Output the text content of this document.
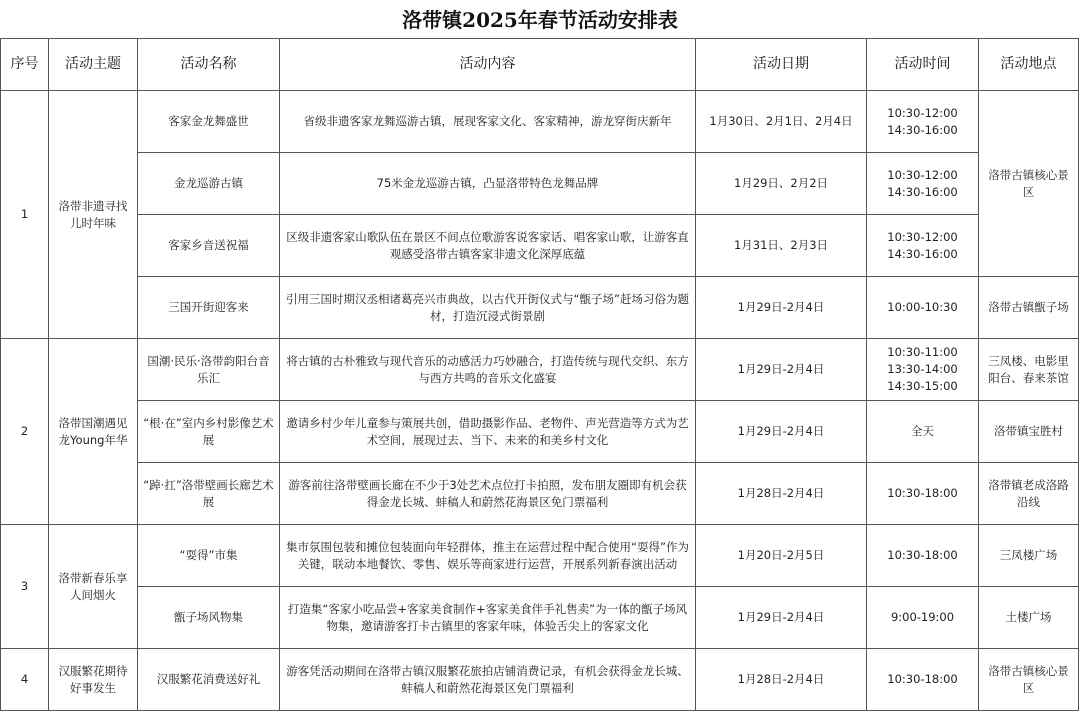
洛带镇2025年春节活动安排表
序号	活动主题	活动名称	活动内容	活动日期	活动时间	活动地点
1	洛带非遗寻找儿时年味	客家金龙舞盛世	省级非遗客家龙舞巡游古镇，展现客家文化、客家精神，游龙穿街庆新年	1月30日、2月1日、2月4日	10:30-12:00
14:30-16:00	洛带古镇核心景区
		金龙巡游古镇	75米金龙巡游古镇，凸显洛带特色龙舞品牌	1月29日、2月2日	10:30-12:00
14:30-16:00	

		客家乡音送祝福	区级非遗客家山歌队伍在景区不间点位歌游客说客家话、唱客家山歌，让游客直观感受洛带古镇客家非遗文化深厚底蕴	1月31日、2月3日	10:30-12:00
14:30-16:00	

		三国开街迎客来	引用三国时期汉丞相诸葛亮兴市典故，以古代开街仪式与“甑子场”赶场习俗为题材，打造沉浸式街景剧	1月29日-2月4日	10:00-10:30	洛带古镇甑子场
2	洛带国潮遇见龙Young年华	国潮·民乐·洛带韵阳台音乐汇	将古镇的古朴雅致与现代音乐的动感活力巧妙融合，打造传统与现代交织、东方与西方共鸣的音乐文化盛宴	1月29日-2月4日	10:30-11:00
13:30-14:00
14:30-15:00	三凤楼、电影里阳台、春来茶馆
		“根·在”室内乡村影像艺术展	邀请乡村少年儿童参与策展共创，借助摄影作品、老物件、声光营造等方式为艺术空间，展现过去、当下、未来的和美乡村文化	1月29日-2月4日	全天	洛带镇宝胜村
		“踔·扛”洛带壁画长廊艺术展	游客前往洛带壁画长廊在不少于3处艺术点位打卡拍照，发布朋友圈即有机会获得金龙长城、蚌稿人和蔚然花海景区免门票福利	1月28日-2月4日	10:30-18:00	洛带镇老成洛路沿线
3	洛带新春乐享人间烟火	“耍得”市集	集市氛围包装和摊位包装面向年轻群体，推主在运营过程中配合使用“耍得”作为关键，联动本地餐饮、零售、娱乐等商家进行运营，开展系列新春演出活动	1月20日-2月5日	10:30-18:00	三凤楼广场
		甑子场风物集	打造集“客家小吃品尝+客家美食制作+客家美食伴手礼售卖”为一体的甑子场风物集，邀请游客打卡古镇里的客家年味，体验舌尖上的客家文化	1月29日-2月4日	9:00-19:00	土楼广场
4	汉服繁花期待好事发生	汉服繁花消费送好礼	游客凭活动期间在洛带古镇汉服繁花旅拍店铺消费记录，有机会获得金龙长城、蚌稿人和蔚然花海景区免门票福利	1月28日-2月4日	10:30-18:00	洛带古镇核心景区
